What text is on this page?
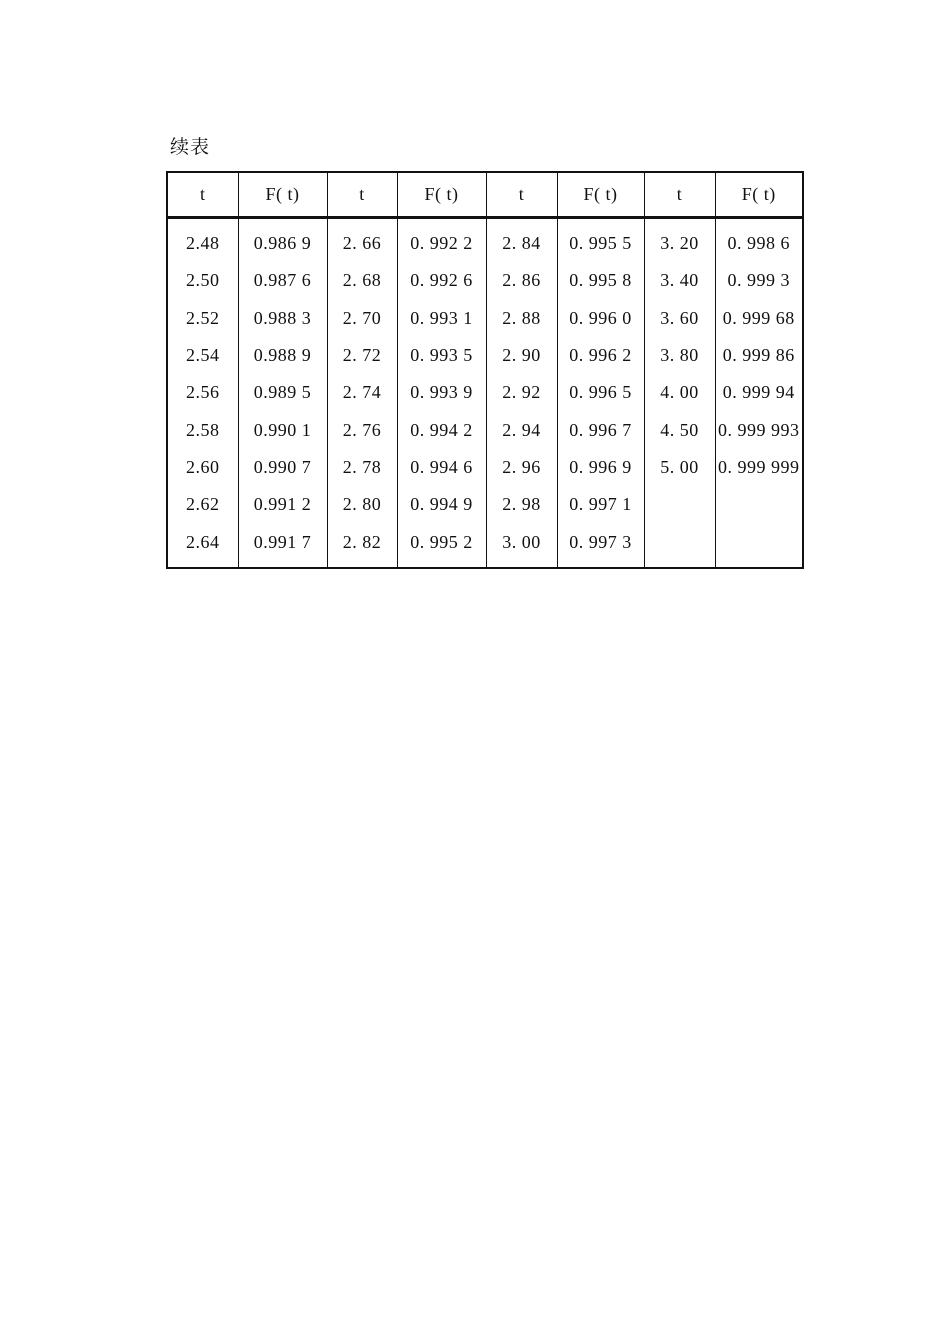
续表
t	F( t)	t	F( t)	t	F( t)	t	F( t)
2.48	0.986 9	2. 66	0. 992 2	2. 84	0. 995 5	3. 20	0. 998 6
2.50	0.987 6	2. 68	0. 992 6	2. 86	0. 995 8	3. 40	0. 999 3
2.52	0.988 3	2. 70	0. 993 1	2. 88	0. 996 0	3. 60	0. 999 68
2.54	0.988 9	2. 72	0. 993 5	2. 90	0. 996 2	3. 80	0. 999 86
2.56	0.989 5	2. 74	0. 993 9	2. 92	0. 996 5	4. 00	0. 999 94
2.58	0.990 1	2. 76	0. 994 2	2. 94	0. 996 7	4. 50	0. 999 993
2.60	0.990 7	2. 78	0. 994 6	2. 96	0. 996 9	5. 00	0. 999 999
2.62	0.991 2	2. 80	0. 994 9	2. 98	0. 997 1		
2.64	0.991 7	2. 82	0. 995 2	3. 00	0. 997 3		
